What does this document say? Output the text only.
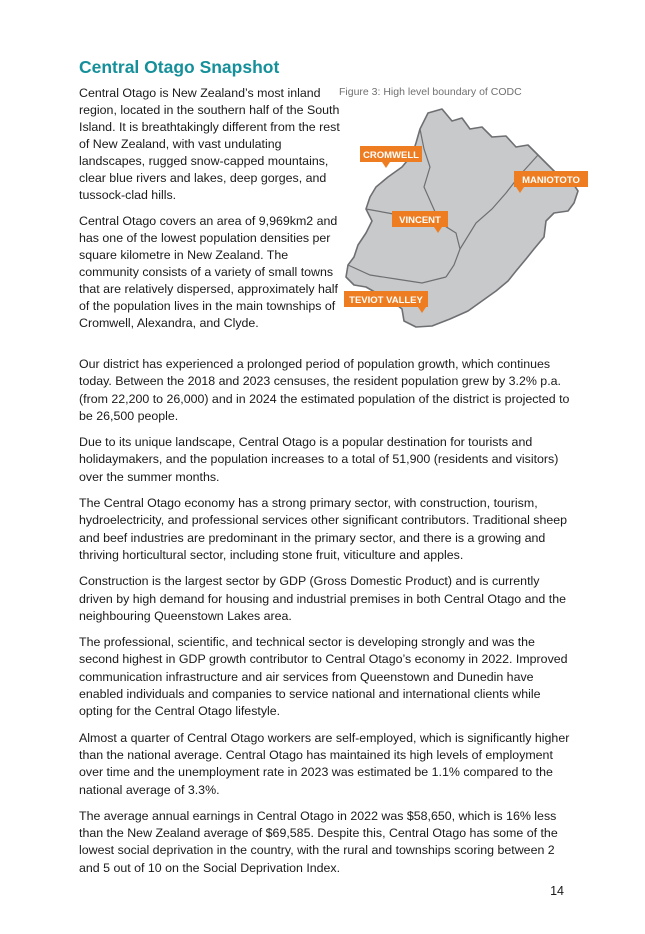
Central Otago Snapshot

Central Otago is New Zealand’s most inland region, located in the southern half of the South Island. It is breathtakingly different from the rest of New Zealand, with vast undulating landscapes, rugged snow-capped mountains, clear blue rivers and lakes, deep gorges, and tussock-clad hills.

Central Otago covers an area of 9,969km2 and has one of the lowest population densities per square kilometre in New Zealand. The community consists of a variety of small towns that are relatively dispersed, approximately half of the population lives in the main townships of Cromwell, Alexandra, and Clyde.

Figure 3: High level boundary of CODC
CROMWELL
MANIOTOTO
VINCENT
TEVIOT VALLEY

Our district has experienced a prolonged period of population growth, which continues today. Between the 2018 and 2023 censuses, the resident population grew by 3.2% p.a. (from 22,200 to 26,000) and in 2024 the estimated population of the district is projected to be 26,500 people.

Due to its unique landscape, Central Otago is a popular destination for tourists and holidaymakers, and the population increases to a total of 51,900 (residents and visitors) over the summer months.

The Central Otago economy has a strong primary sector, with construction, tourism, hydroelectricity, and professional services other significant contributors. Traditional sheep and beef industries are predominant in the primary sector, and there is a growing and thriving horticultural sector, including stone fruit, viticulture and apples.

Construction is the largest sector by GDP (Gross Domestic Product) and is currently driven by high demand for housing and industrial premises in both Central Otago and the neighbouring Queenstown Lakes area.

The professional, scientific, and technical sector is developing strongly and was the second highest in GDP growth contributor to Central Otago’s economy in 2022. Improved communication infrastructure and air services from Queenstown and Dunedin have enabled individuals and companies to service national and international clients while opting for the Central Otago lifestyle.

Almost a quarter of Central Otago workers are self-employed, which is significantly higher than the national average. Central Otago has maintained its high levels of employment over time and the unemployment rate in 2023 was estimated be 1.1% compared to the national average of 3.3%.

The average annual earnings in Central Otago in 2022 was $58,650, which is 16% less than the New Zealand average of $69,585. Despite this, Central Otago has some of the lowest social deprivation in the country, with the rural and townships scoring between 2 and 5 out of 10 on the Social Deprivation Index.

14
